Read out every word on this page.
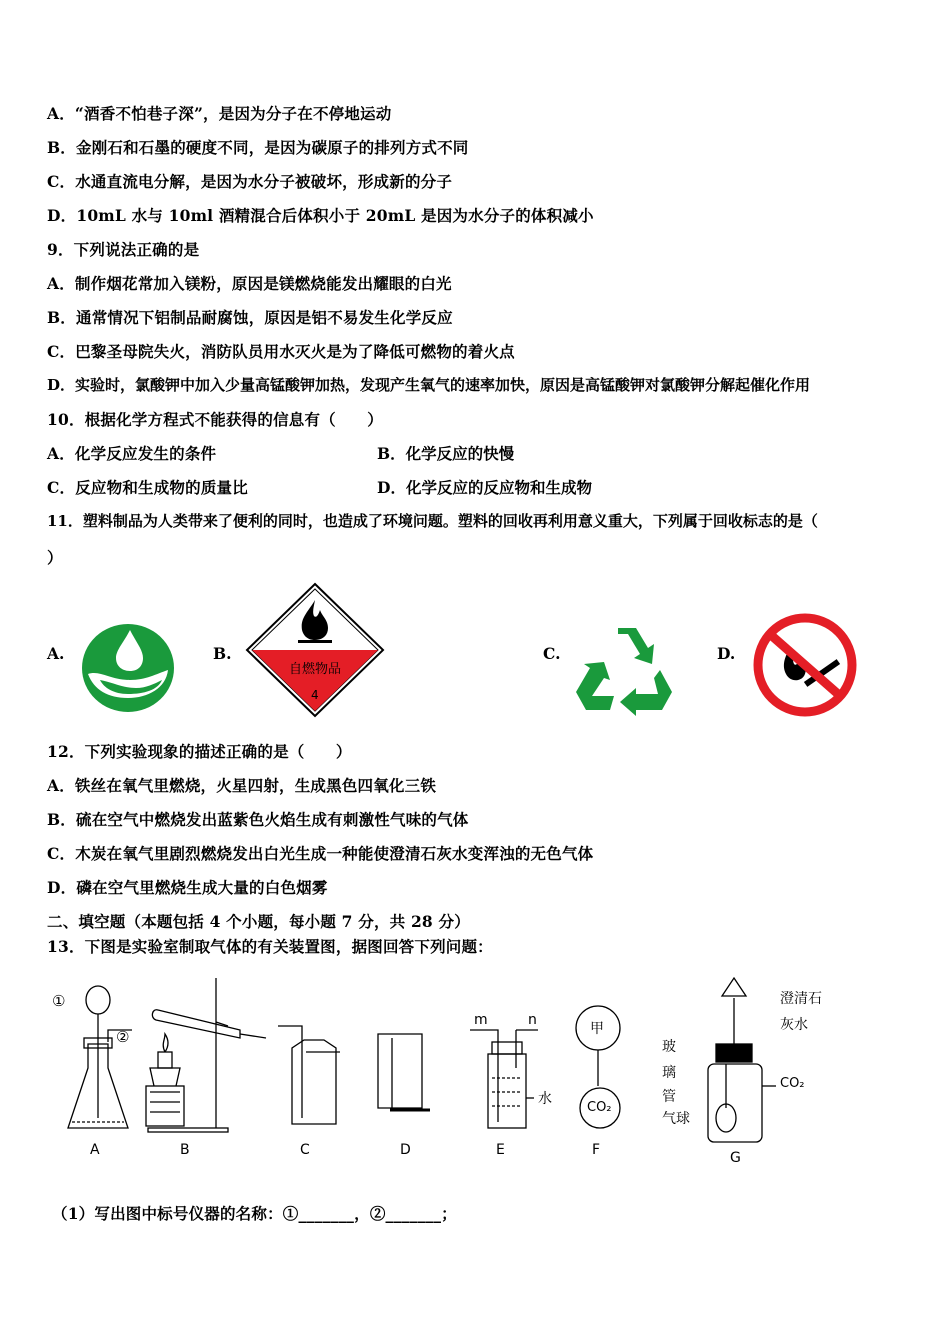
A．“酒香不怕巷子深”，是因为分子在不停地运动
B．金刚石和石墨的硬度不同，是因为碳原子的排列方式不同
C．水通直流电分解，是因为水分子被破坏，形成新的分子
D．10mL 水与 10ml 酒精混合后体积小于 20mL 是因为水分子的体积减小
9．下列说法正确的是
A．制作烟花常加入镁粉，原因是镁燃烧能发出耀眼的白光
B．通常情况下铝制品耐腐蚀，原因是铝不易发生化学反应
C．巴黎圣母院失火，消防队员用水灭火是为了降低可燃物的着火点
D．实验时，氯酸钾中加入少量高锰酸钾加热，发现产生氧气的速率加快，原因是高锰酸钾对氯酸钾分解起催化作用
10．根据化学方程式不能获得的信息有（　　）
A．化学反应发生的条件	B．化学反应的快慢
C．反应物和生成物的质量比	D．化学反应的反应物和生成物
11．塑料制品为人类带来了便利的同时，也造成了环境问题。塑料的回收再利用意义重大，下列属于回收标志的是（
）
A.	B.
自燃物品
4
C.	D.
12．下列实验现象的描述正确的是（　　）
A．铁丝在氧气里燃烧，火星四射，生成黑色四氧化三铁
B．硫在空气中燃烧发出蓝紫色火焰生成有刺激性气味的气体
C．木炭在氧气里剧烈燃烧发出白光生成一种能使澄清石灰水变浑浊的无色气体
D．磷在空气里燃烧生成大量的白色烟雾
二、填空题（本题包括 4 个小题，每小题 7 分，共 28 分）
13．下图是实验室制取气体的有关装置图，据图回答下列问题：
A	B	C	D	E	F	G
①
②
m	n
水
甲
CO₂
澄清石
灰水
玻
璃
管
气球
CO₂
（1）写出图中标号仪器的名称：①_______，②_______；
